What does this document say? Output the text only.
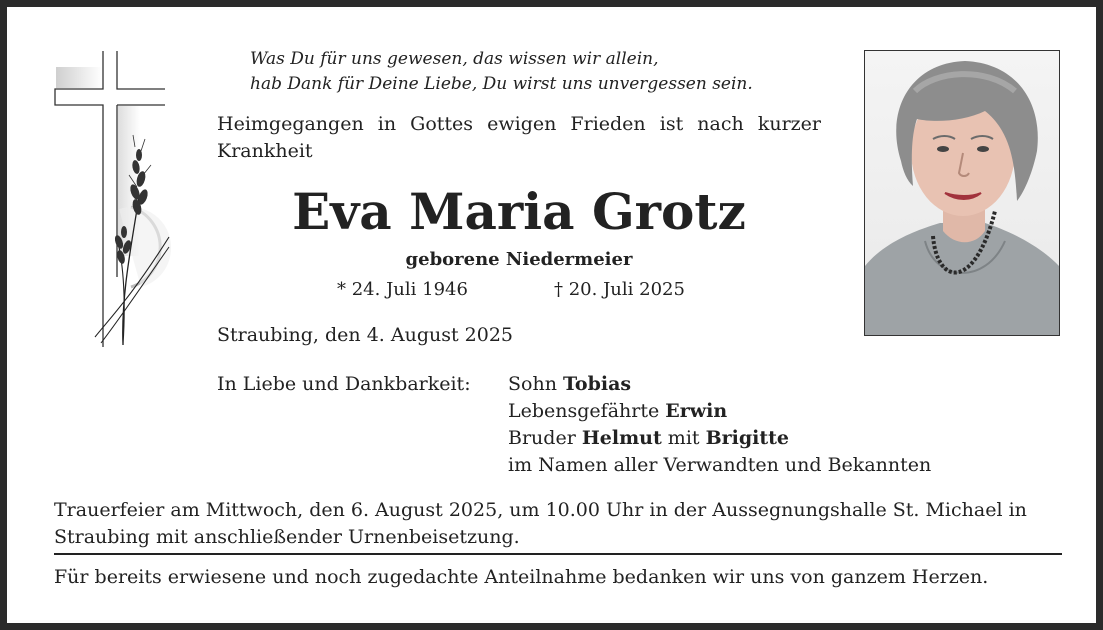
Was Du für uns gewesen, das wissen wir allein,
hab Dank für Deine Liebe, Du wirst uns unvergessen sein.
Heimgegangen in Gottes ewigen Frieden ist nach kurzer Krankheit
Eva Maria Grotz
geborene Niedermeier
* 24. Juli 1946	† 20. Juli 2025
Straubing, den 4. August 2025
In Liebe und Dankbarkeit: Sohn Tobias
Lebensgefährte Erwin
Bruder Helmut mit Brigitte
im Namen aller Verwandten und Bekannten
Trauerfeier am Mittwoch, den 6. August 2025, um 10.00 Uhr in der Aussegnungshalle St. Michael in Straubing mit anschließender Urnenbeisetzung.
Für bereits erwiesene und noch zugedachte Anteilnahme bedanken wir uns von ganzem Herzen.
